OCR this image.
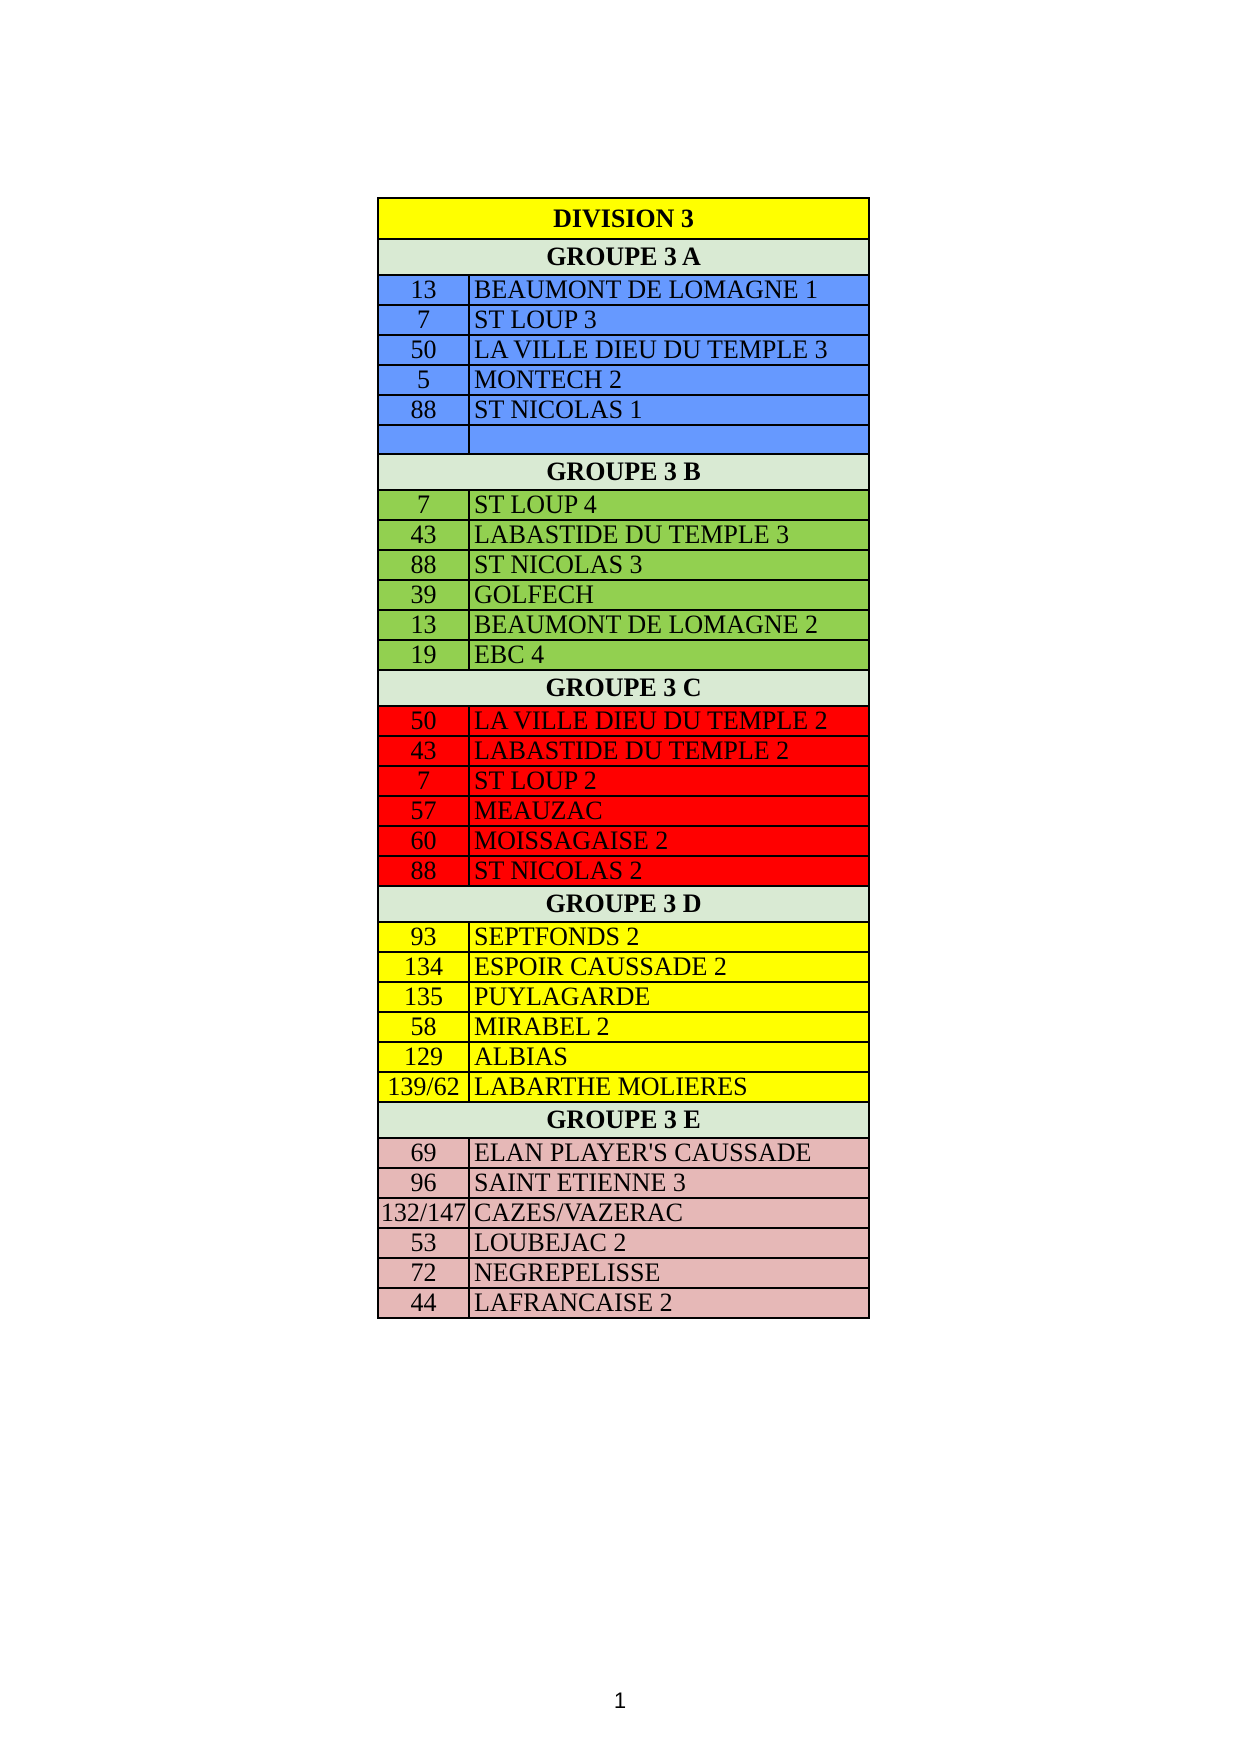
DIVISION 3	
GROUPE 3 A	
13	BEAUMONT DE LOMAGNE 1
7	ST LOUP 3
50	LA VILLE DIEU DU TEMPLE 3
5	MONTECH 2
88	ST NICOLAS 1

GROUPE 3 B	
7	ST LOUP 4
43	LABASTIDE DU TEMPLE 3
88	ST NICOLAS 3
39	GOLFECH
13	BEAUMONT DE LOMAGNE 2
19	EBC 4
GROUPE 3 C	
50	LA VILLE DIEU DU TEMPLE 2
43	LABASTIDE DU TEMPLE 2
7	ST LOUP 2
57	MEAUZAC
60	MOISSAGAISE 2
88	ST NICOLAS 2
GROUPE 3 D	
93	SEPTFONDS 2
134	ESPOIR CAUSSADE 2
135	PUYLAGARDE
58	MIRABEL 2
129	ALBIAS
139/62	LABARTHE MOLIERES
GROUPE 3 E	
69	ELAN PLAYER'S CAUSSADE
96	SAINT ETIENNE 3
132/147	CAZES/VAZERAC
53	LOUBEJAC 2
72	NEGREPELISSE
44	LAFRANCAISE 2
1
